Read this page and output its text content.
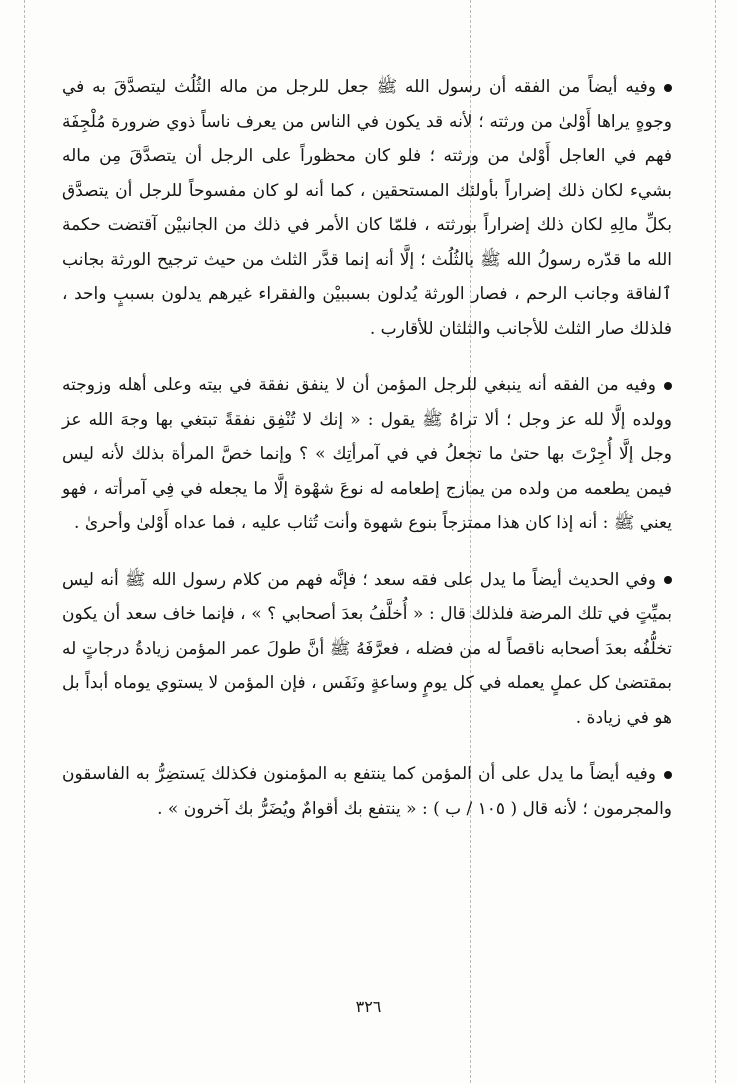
وفيه أيضاً من الفقه أن رسول الله ﷺ جعل للرجل من ماله الثُلُث ليتصدَّقَ به في وجوهٍ يراها أَوْلىٰ من ورثته ؛ لأنه قد يكون في الناس من يعرف ناساً ذوي ضرورة مُلْجِفَة فهم في العاجل أَوْلىٰ من ورثته ؛ فلو كان محظوراً على الرجل أن يتصدَّقَ مِن ماله بشيء لكان ذلك إضراراً بأولئك المستحقين ، كما أنه لو كان مفسوحاً للرجل أن يتصدَّق بكلِّ مالِهِ لكان ذلك إضراراً بورثته ، فلمّا كان الأمر في ذلك من الجانبيْن آقتضت حكمة الله ما قدّره رسولُ الله ﷺ بالثُلُث ؛ إلَّا أنه إنما قدَّر الثلث من حيث ترجيح الورثة بجانب ٱلفاقة وجانب الرحم ، فصار الورثة يُدلون بسببيْن والفقراء غيرهم يدلون بسببٍ واحد ، فلذلك صار الثلث للأجانب والثلثان للأقارب .

وفيه من الفقه أنه ينبغي للرجل المؤمن أن لا ينفق نفقة في بيته وعلى أهله وزوجته وولده إلَّا لله عز وجل ؛ ألا تراهُ ﷺ يقول : « إنك لا تُنْفِق نفقةً تبتغي بها وجهَ الله عز وجل إلَّا أُجِرْتَ بها حتىٰ ما تجعلُ في في آمرأتِك » ؟ وإنما خصَّ المرأة بذلك لأنه ليس فيمن يطعمه من ولده من يمازج إطعامه له نوعَ شهْوة إلَّا ما يجعله في فِي آمرأته ، فهو يعني ﷺ : أنه إذا كان هذا ممتزجاً بنوع شهوة وأنت تُثاب عليه ، فما عداه أَوْلىٰ وأحرىٰ .

وفي الحديث أيضاً ما يدل على فقه سعد ؛ فإنَّه فهم من كلام رسول الله ﷺ أنه ليس بميِّتٍ في تلك المرضة فلذلك قال : « أُخلَّفُ بعدَ أصحابي ؟ » ، فإنما خاف سعد أن يكون تخلُّفُه بعدَ أصحابه ناقصاً له من فضله ، فعرَّفَهُ ﷺ أنَّ طولَ عمر المؤمن زيادةُ درجاتٍ له بمقتضىٰ كل عملٍ يعمله في كل يومٍ وساعةٍ ونَفَس ، فإن المؤمن لا يستوي يوماه أبداً بل هو في زيادة .

وفيه أيضاً ما يدل على أن المؤمن كما ينتفع به المؤمنون فكذلك يَستضِرُّ به الفاسقون والمجرمون ؛ لأنه قال ( ١٠٥ / ب ) : « ينتفع بك أقوامٌ ويُضَرُّ بك آخرون » .

٣٢٦
